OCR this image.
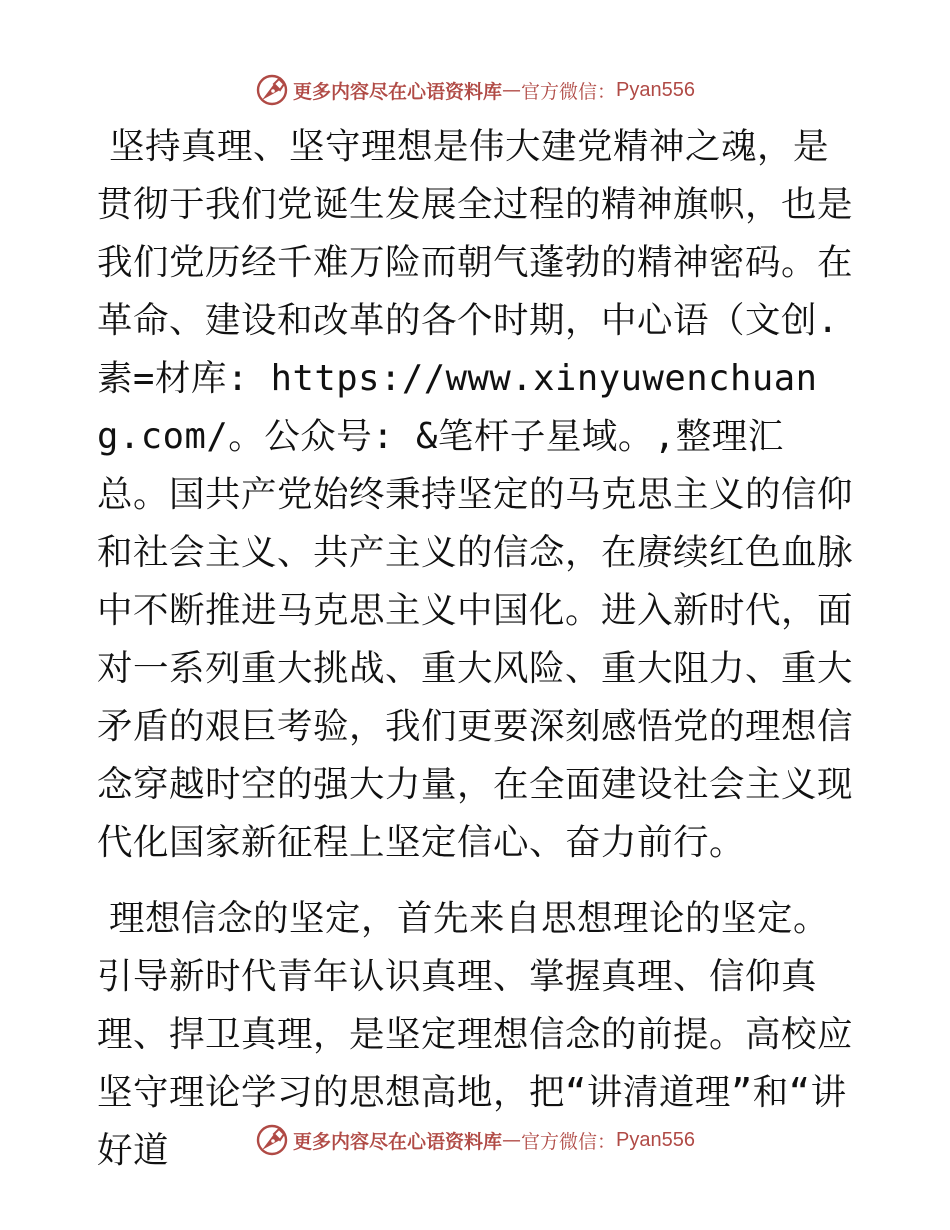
更多内容尽在心语资料库 — 官方微信： Pyan556

坚持真理、坚守理想是伟大建党精神之魂，是贯彻于我们党诞生发展全过程的精神旗帜，也是我们党历经千难万险而朝气蓬勃的精神密码。在革命、建设和改革的各个时期，中心语（文创.素=材库: https://www.xinyuwenchuang.com/。公众号: &笔杆子星域。,整理汇总。国共产党始终秉持坚定的马克思主义的信仰和社会主义、共产主义的信念，在赓续红色血脉中不断推进马克思主义中国化。进入新时代，面对一系列重大挑战、重大风险、重大阻力、重大矛盾的艰巨考验，我们更要深刻感悟党的理想信念穿越时空的强大力量，在全面建设社会主义现代化国家新征程上坚定信心、奋力前行。

理想信念的坚定，首先来自思想理论的坚定。引导新时代青年认识真理、掌握真理、信仰真理、捍卫真理，是坚定理想信念的前提。高校应坚守理论学习的思想高地，把“讲清道理”和“讲好道	更多内容尽在心语资料库 — 官方微信： Pyan556
